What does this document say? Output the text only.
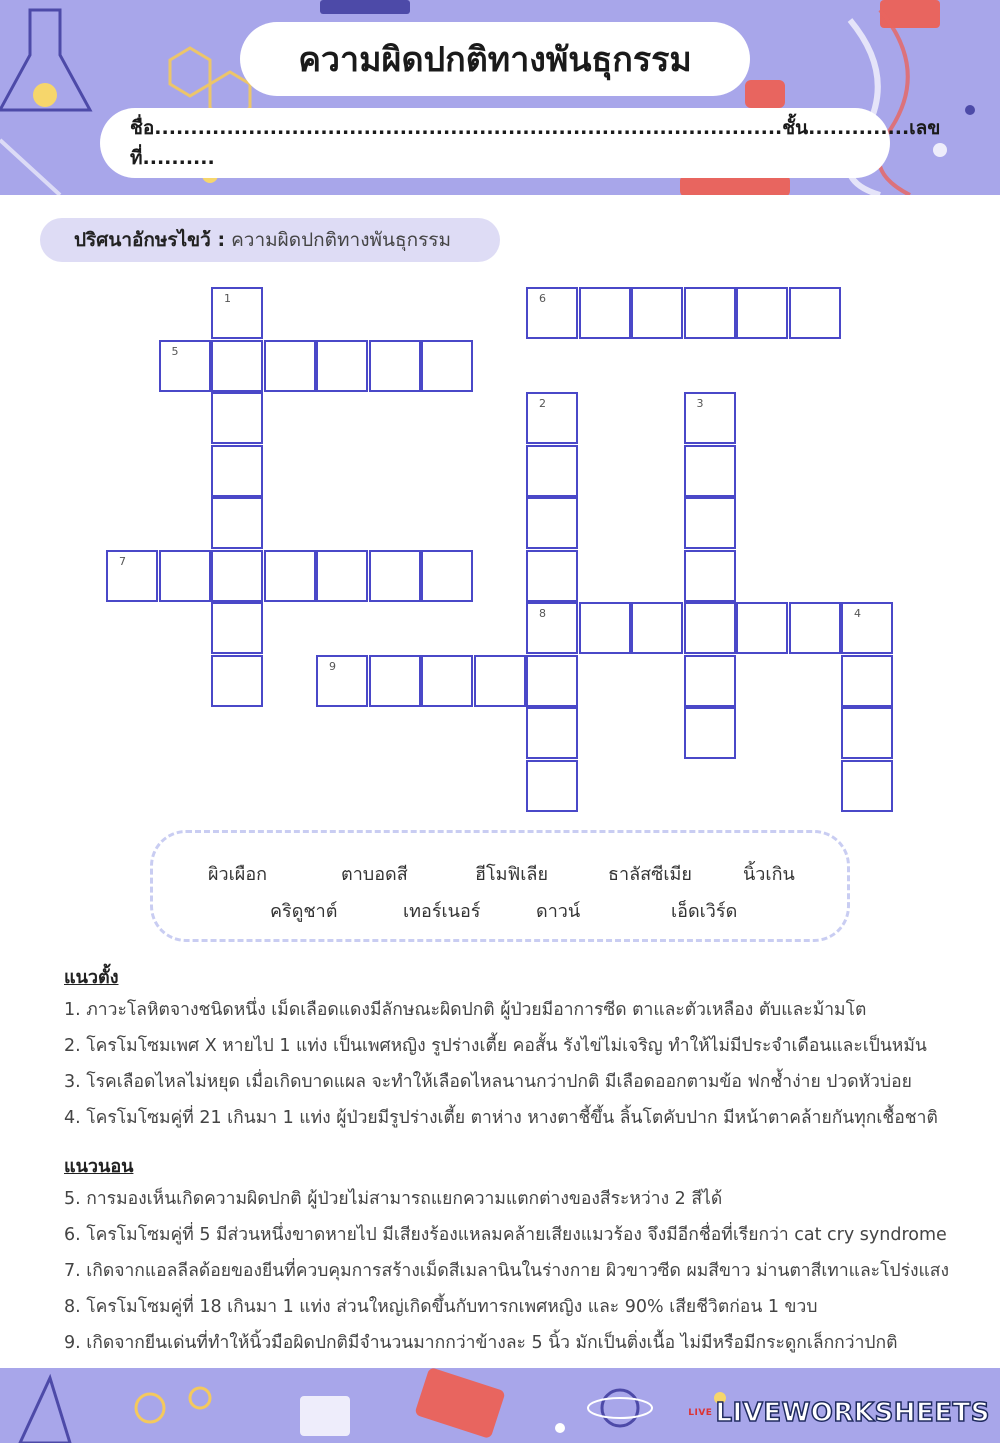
ความผิดปกติทางพันธุกรรม
ชื่อ.......................................................................................ชั้น..............เลขที่..........
ปริศนาอักษรไขว้ : ความผิดปกติทางพันธุกรรม
1
2	3
4
5
6
7
8
9
ผิวเผือก	ตาบอดสี	ฮีโมฟิเลีย	ธาลัสซีเมีย	นิ้วเกิน
คริดูชาต์	เทอร์เนอร์	ดาวน์	เอ็ดเวิร์ด
แนวตั้ง
1. ภาวะโลหิตจางชนิดหนึ่ง เม็ดเลือดแดงมีลักษณะผิดปกติ ผู้ป่วยมีอาการซีด ตาและตัวเหลือง ตับและม้ามโต
2. โครโมโซมเพศ X หายไป 1 แท่ง เป็นเพศหญิง รูปร่างเตี้ย คอสั้น รังไข่ไม่เจริญ ทำให้ไม่มีประจำเดือนและเป็นหมัน
3. โรคเลือดไหลไม่หยุด เมื่อเกิดบาดแผล จะทำให้เลือดไหลนานกว่าปกติ มีเลือดออกตามข้อ ฟกช้ำง่าย ปวดหัวบ่อย
4. โครโมโซมคู่ที่ 21 เกินมา 1 แท่ง ผู้ป่วยมีรูปร่างเตี้ย ตาห่าง หางตาชี้ขึ้น ลิ้นโตคับปาก มีหน้าตาคล้ายกันทุกเชื้อชาติ
แนวนอน
5. การมองเห็นเกิดความผิดปกติ ผู้ป่วยไม่สามารถแยกความแตกต่างของสีระหว่าง 2 สีได้
6. โครโมโซมคู่ที่ 5 มีส่วนหนึ่งขาดหายไป มีเสียงร้องแหลมคล้ายเสียงแมวร้อง จึงมีอีกชื่อที่เรียกว่า cat cry syndrome
7. เกิดจากแอลลีลด้อยของยีนที่ควบคุมการสร้างเม็ดสีเมลานินในร่างกาย ผิวขาวซีด ผมสีขาว ม่านตาสีเทาและโปร่งแสง
8. โครโมโซมคู่ที่ 18 เกินมา 1 แท่ง ส่วนใหญ่เกิดขึ้นกับทารกเพศหญิง และ 90% เสียชีวิตก่อน 1 ขวบ
9. เกิดจากยีนเด่นที่ทำให้นิ้วมือผิดปกติมีจำนวนมากกว่าข้างละ 5 นิ้ว มักเป็นติ่งเนื้อ ไม่มีหรือมีกระดูกเล็กกว่าปกติ
LIVE LIVEWORKSHEETS
